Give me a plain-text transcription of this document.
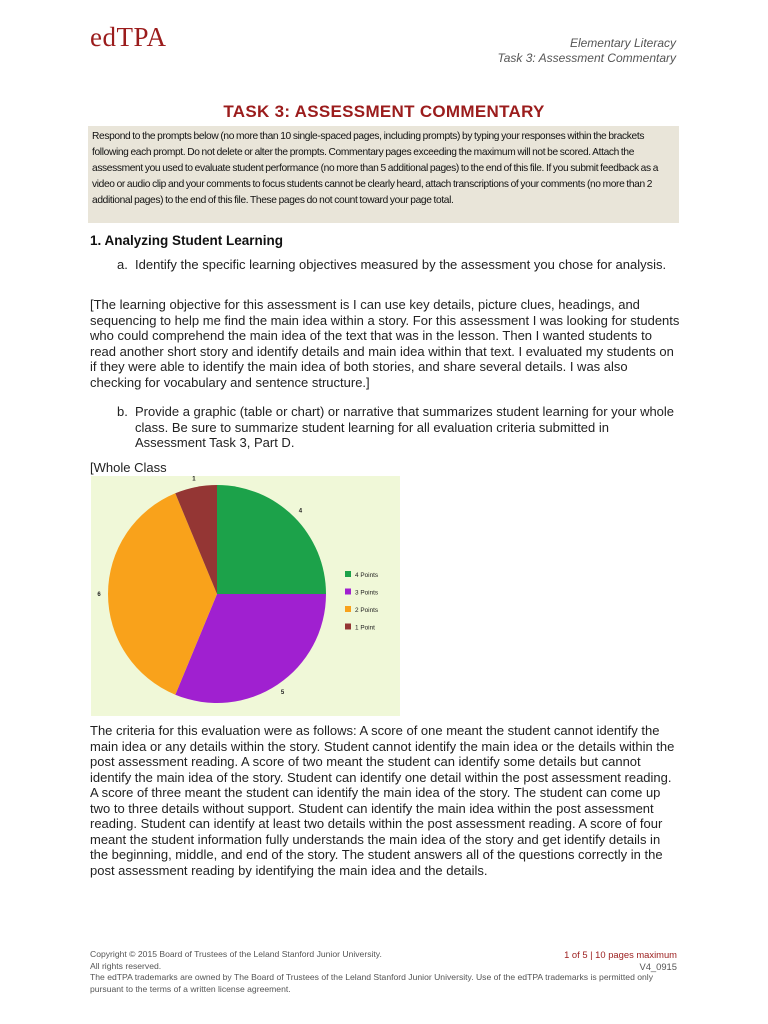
edTPA	Elementary Literacy
Task 3: Assessment Commentary
TASK 3: ASSESSMENT COMMENTARY
Respond to the prompts below (no more than 10 single-spaced pages, including prompts) by typing your responses within the brackets following each prompt. Do not delete or alter the prompts. Commentary pages exceeding the maximum will not be scored. Attach the assessment you used to evaluate student performance (no more than 5 additional pages) to the end of this file. If you submit feedback as a video or audio clip and your comments to focus students cannot be clearly heard, attach transcriptions of your comments (no more than 2 additional pages) to the end of this file. These pages do not count toward your page total.
1. Analyzing Student Learning
a. Identify the specific learning objectives measured by the assessment you chose for analysis.
[The learning objective for this assessment is I can use key details, picture clues, headings, and sequencing to help me find the main idea within a story. For this assessment I was looking for students who could comprehend the main idea of the text that was in the lesson. Then I wanted students to read another short story and identify details and main idea within that text. I evaluated my students on if they were able to identify the main idea of both stories, and share several details. I was also checking for vocabulary and sentence structure.]
b. Provide a graphic (table or chart) or narrative that summarizes student learning for your whole class. Be sure to summarize student learning for all evaluation criteria submitted in Assessment Task 3, Part D.
[Whole Class
4
5
6
1
4 Points
3 Points
2 Points
1 Point
The criteria for this evaluation were as follows: A score of one meant the student cannot identify the main idea or any details within the story. Student cannot identify the main idea or the details within the post assessment reading. A score of two meant the student can identify some details but cannot identify the main idea of the story. Student can identify one detail within the post assessment reading. A score of three meant the student can identify the main idea of the story. The student can come up two to three details without support. Student can identify the main idea within the post assessment reading. Student can identify at least two details within the post assessment reading. A score of four meant the student information fully understands the main idea of the story and get identify details in the beginning, middle, and end of the story. The student answers all of the questions correctly in the post assessment reading by identifying the main idea and the details.
Copyright © 2015 Board of Trustees of the Leland Stanford Junior University.
All rights reserved.
The edTPA trademarks are owned by The Board of Trustees of the Leland Stanford Junior University. Use of the edTPA trademarks is permitted only pursuant to the terms of a written license agreement.
1 of 5 | 10 pages maximum
V4_0915
